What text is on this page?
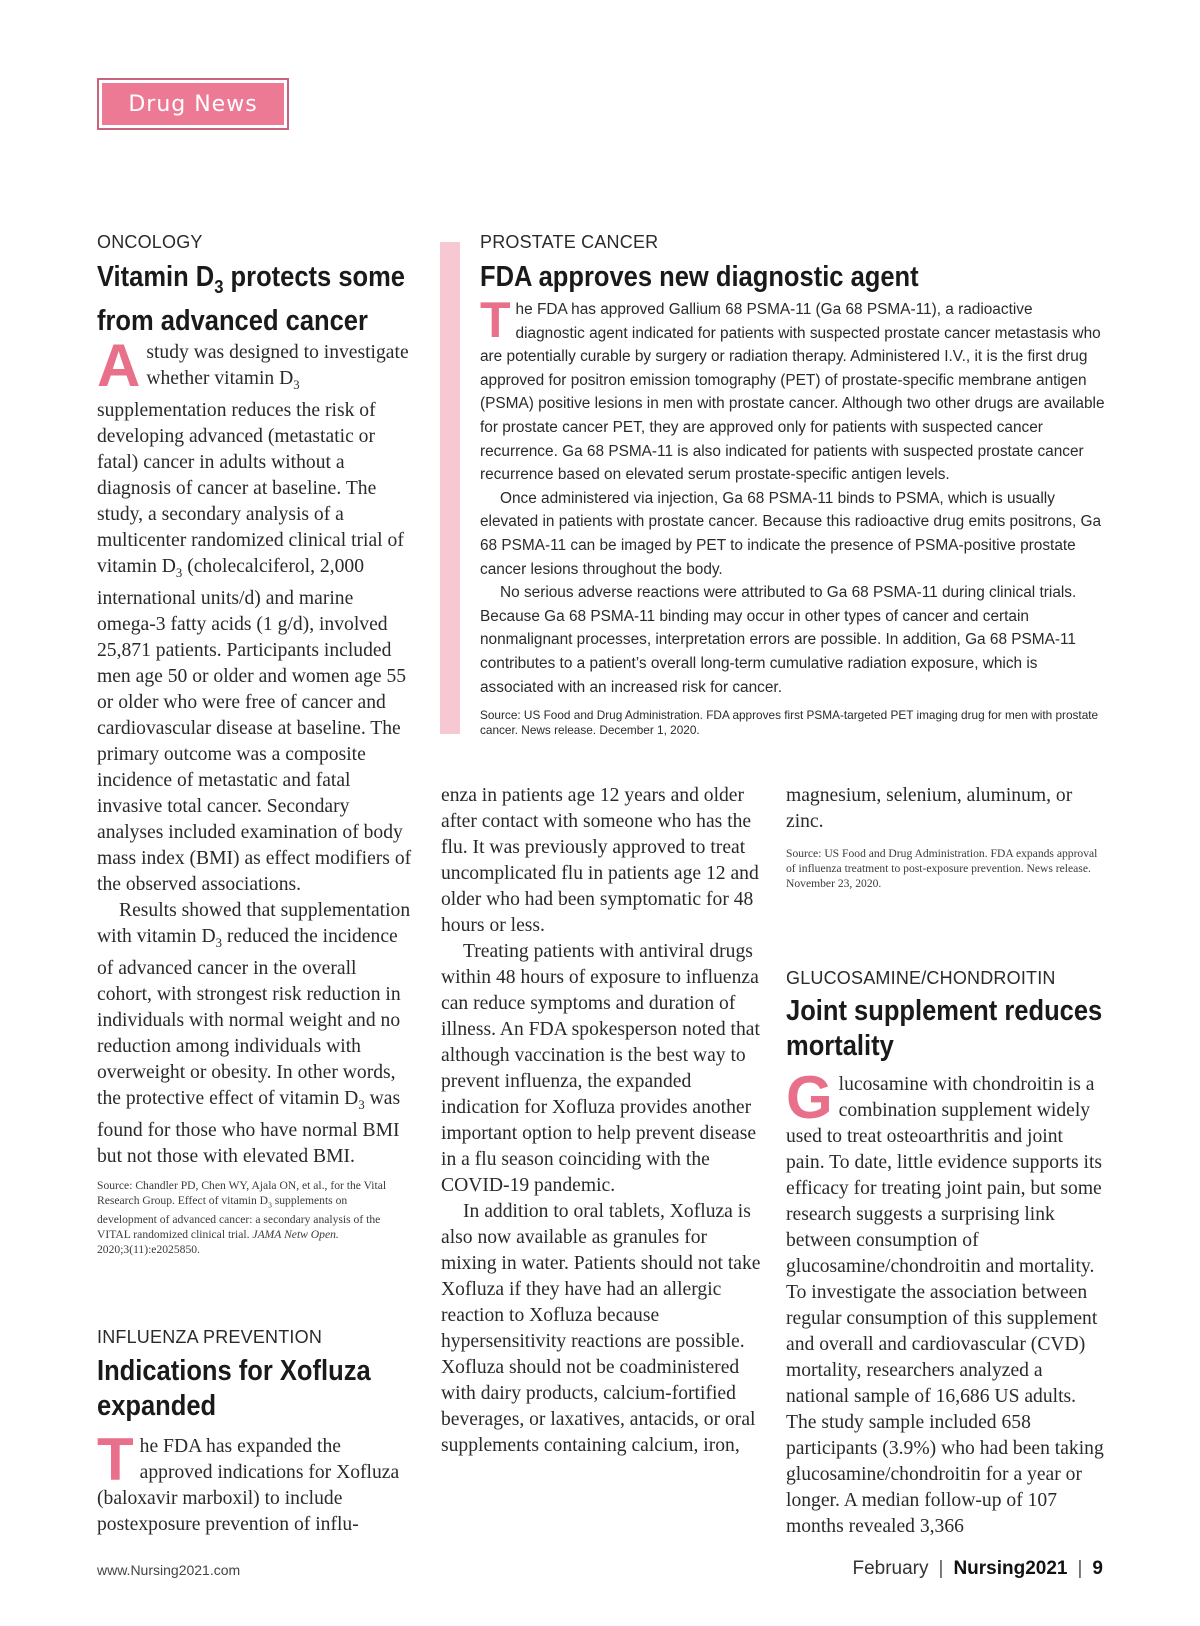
Drug News
ONCOLOGY
Vitamin $D_3$ protects some
from advanced cancer

Astudy was designed to investigate whether vitamin $D_3$ supplementation reduces the risk of developing advanced (metastatic or fatal) cancer in adults without a diagnosis of cancer at baseline. The study, a secondary analysis of a multicenter randomized clinical trial of vitamin $D_3$ (cholecalciferol, 2,000 international units/d) and marine omega-3 fatty acids (1 g/d), involved 25,871 patients. Participants included men age 50 or older and women age 55 or older who were free of cancer and cardiovascular disease at baseline. The primary outcome was a composite incidence of metastatic and fatal invasive total cancer. Secondary analyses included examination of body mass index (BMI) as effect modifiers of the observed associations.

Results showed that supplementation with vitamin $D_3$ reduced the incidence of advanced cancer in the overall cohort, with strongest risk reduction in individuals with normal weight and no reduction among individuals with overweight or obesity. In other words, the protective effect of vitamin $D_3$ was found for those who have normal BMI but not those with elevated BMI.

Source: Chandler PD, Chen WY, Ajala ON, et al., for the Vital Research Group. Effect of vitamin $D_3$ supplements on development of advanced cancer: a secondary analysis of the VITAL randomized clinical trial. JAMA Netw Open. 2020;3(11):e2025850.
PROSTATE CANCER
FDA approves new diagnostic agent

The FDA has approved Gallium 68 PSMA-11 (Ga 68 PSMA-11), a radioactive diagnostic agent indicated for patients with suspected prostate cancer metastasis who are potentially curable by surgery or radiation therapy. Administered I.V., it is the first drug approved for positron emission tomography (PET) of prostate-specific membrane antigen (PSMA) positive lesions in men with prostate cancer. Although two other drugs are available for prostate cancer PET, they are approved only for patients with suspected cancer recurrence. Ga 68 PSMA-11 is also indicated for patients with suspected prostate cancer recurrence based on elevated serum prostate-specific antigen levels.

Once administered via injection, Ga 68 PSMA-11 binds to PSMA, which is usually elevated in patients with prostate cancer. Because this radioactive drug emits positrons, Ga 68 PSMA-11 can be imaged by PET to indicate the presence of PSMA-positive prostate cancer lesions throughout the body.

No serious adverse reactions were attributed to Ga 68 PSMA-11 during clinical trials. Because Ga 68 PSMA-11 binding may occur in other types of cancer and certain nonmalignant processes, interpretation errors are possible. In addition, Ga 68 PSMA-11 contributes to a patient’s overall long-term cumulative radiation exposure, which is associated with an increased risk for cancer.

Source: US Food and Drug Administration. FDA approves first PSMA-targeted PET imaging drug for men with prostate cancer. News release. December 1, 2020.
INFLUENZA PREVENTION
Indications for Xofluza
expanded

The FDA has expanded the approved indications for Xofluza (baloxavir marboxil) to include postexposure prevention of influ-

enza in patients age 12 years and older after contact with someone who has the flu. It was previously approved to treat uncomplicated flu in patients age 12 and older who had been symptomatic for 48 hours or less.

Treating patients with antiviral drugs within 48 hours of exposure to influenza can reduce symptoms and duration of illness. An FDA spokesperson noted that although vaccination is the best way to prevent influenza, the expanded indication for Xofluza provides another important option to help prevent disease in a flu season coinciding with the COVID-19 pandemic.

In addition to oral tablets, Xofluza is also now available as granules for mixing in water. Patients should not take Xofluza if they have had an allergic reaction to Xofluza because hypersensitivity reactions are possible. Xofluza should not be coadministered with dairy products, calcium-fortified beverages, or laxatives, antacids, or oral supplements containing calcium, iron,

magnesium, selenium, aluminum, or zinc.

Source: US Food and Drug Administration. FDA expands approval of influenza treatment to post-exposure prevention. News release. November 23, 2020.
GLUCOSAMINE/CHONDROITIN
Joint supplement reduces
mortality

Glucosamine with chondroitin is a combination supplement widely used to treat osteoarthritis and joint pain. To date, little evidence supports its efficacy for treating joint pain, but some research suggests a surprising link between consumption of glucosamine/chondroitin and mortality. To investigate the association between regular consumption of this supplement and overall and cardiovascular (CVD) mortality, researchers analyzed a national sample of 16,686 US adults. The study sample included 658 participants (3.9%) who had been taking glucosamine/chondroitin for a year or longer. A median follow-up of 107 months revealed 3,366

www.Nursing2021.com	February | Nursing2021 | 9
